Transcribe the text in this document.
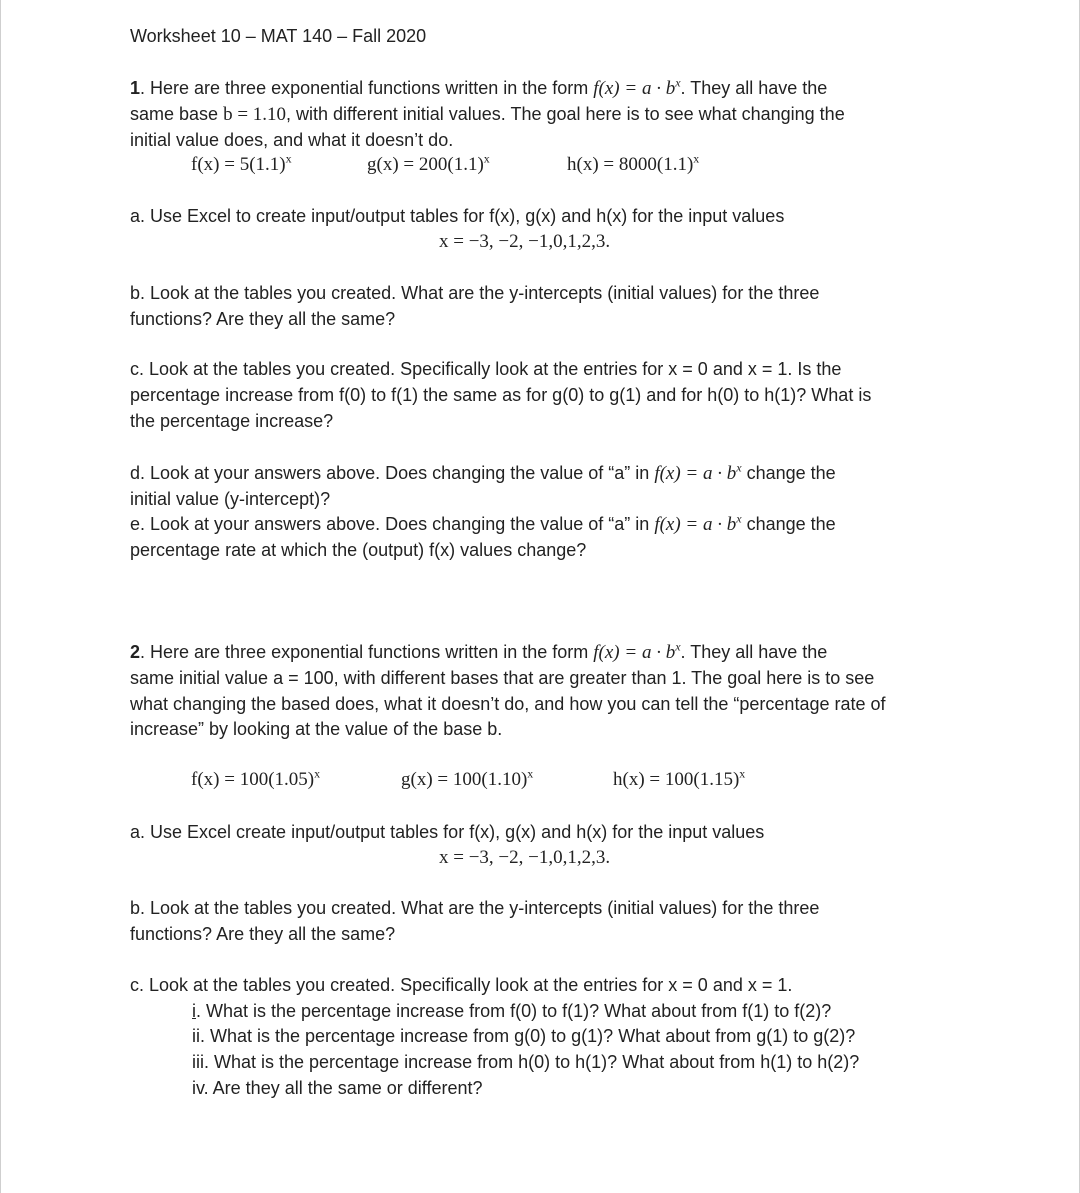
Worksheet 10 – MAT 140 – Fall 2020
1. Here are three exponential functions written in the form $f(x) = a \cdot b^x$. They all have the
same base b = 1.10, with different initial values. The goal here is to see what changing the
initial value does, and what it doesn’t do.
$f(x) = 5(1.1)^x$	$g(x) = 200(1.1)^x$	$h(x) = 8000(1.1)^x$
a. Use Excel to create input/output tables for f(x), g(x) and h(x) for the input values
x = −3, −2, −1,0,1,2,3.
b. Look at the tables you created. What are the y-intercepts (initial values) for the three
functions? Are they all the same?
c. Look at the tables you created. Specifically look at the entries for x = 0 and x = 1. Is the
percentage increase from f(0) to f(1) the same as for g(0) to g(1) and for h(0) to h(1)? What is
the percentage increase?
d. Look at your answers above. Does changing the value of “a” in $f(x) = a \cdot b^x$ change the
initial value (y-intercept)?
e. Look at your answers above. Does changing the value of “a” in $f(x) = a \cdot b^x$ change the
percentage rate at which the (output) f(x) values change?
2. Here are three exponential functions written in the form $f(x) = a \cdot b^x$. They all have the
same initial value a = 100, with different bases that are greater than 1. The goal here is to see
what changing the based does, what it doesn’t do, and how you can tell the “percentage rate of
increase” by looking at the value of the base b.
$f(x) = 100(1.05)^x$	$g(x) = 100(1.10)^x$	$h(x) = 100(1.15)^x$
a. Use Excel create input/output tables for f(x), g(x) and h(x) for the input values
x = −3, −2, −1,0,1,2,3.
b. Look at the tables you created. What are the y-intercepts (initial values) for the three
functions? Are they all the same?
c. Look at the tables you created. Specifically look at the entries for x = 0 and x = 1.
i. What is the percentage increase from f(0) to f(1)? What about from f(1) to f(2)?
ii. What is the percentage increase from g(0) to g(1)? What about from g(1) to g(2)?
iii. What is the percentage increase from h(0) to h(1)? What about from h(1) to h(2)?
iv. Are they all the same or different?
